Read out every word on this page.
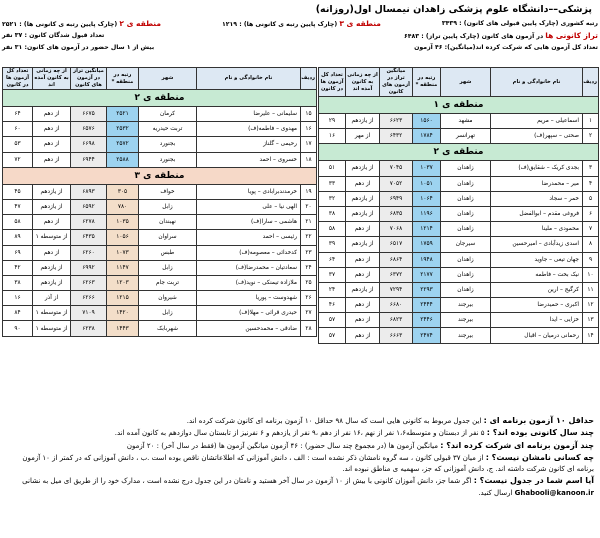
پزشکی––دانشگاه علوم پزشکی زاهدان نیمسال اول(روزانه)
رتبه کشوری (چارک پایین قبولی های کانون) : ۳۴۳۹
منطقه ی ۳ (چارک پایین رتبه ی کانونی ها) : ۱۲۱۹
منطقه ی ۲ (چارک پایین رتبه ی کانونی ها) : ۲۵۲۱
تراز کانونی ها در آزمون های کانون (چارک پایین تراز) : ۶۴۸۳
تعداد قبول شدگان کانون : ۳۷ نفر
تعداد کل آزمون هایی که شرکت کرده اند(میانگین): ۴۶ آزمون
بیش از ۱ سال حضور در آزمون های کانون: ۳۱ نفر
ردیف	نام خانوادگی و نام	شهر	رتبه در منطقه *	میانگین تراز در آزمون های کانون	از چه زمانی به کانون آمده اند	تعداد کل آزمون ها در کانون
منطقه ی ۱						
۱	اسماعیلی – مریم	مشهد	۱۵۶۰	۶۶۲۳	از یازدهم	۲۹
۲	صحتی – سپهر(ف)	تهرانسر	۱۷۸۴	۶۴۳۲	از مهر	۱۶
منطقه ی ۲						
۳	بجدی کریک – شقایق(ف)	زاهدان	۱۰۳۷	۷۰۴۵	از یازدهم	۵۱
۴	میر – محمدرضا	زاهدان	۱۰۵۱	۷۰۵۲	از دهم	۳۳
۵	خمر – سجاد	زاهدان	۱۰۶۴	۶۹۴۹	از یازدهم	۳۲
۶	فروغی مقدم – ابوالفضل	زاهدان	۱۱۹۶	۶۸۳۵	از یازدهم	۳۸
۷	محمودی – ملینا	زاهدان	۱۲۱۴	۷۰۶۸	از دهم	۵۸
۸	اسدی زیدآبادی – امیرحسین	سیرجان	۱۷۵۹	۶۵۱۷	از یازدهم	۳۹
۹	جهان تیغی – جاوید	زاهدان	۱۹۴۸	۶۸۶۴	از دهم	۶۴
۱۰	نیک بخت – فاطمه	زاهدان	۲۱۷۷	۶۳۷۲	از دهم	۳۷
۱۱	کرگیج – ارین	زاهدان	۲۲۹۳	۷۲۹۴	از یازدهم	۲۴
۱۲	اکبری – حمیدرضا	بیرجند	۲۴۴۴	۶۶۸۰	از دهم	۴۶
۱۳	خزایی – ایدا	بیرجند	۲۴۴۶	۶۸۲۳	از دهم	۵۷
۱۴	رحمانی درمیان – اقبال	بیرجند	۲۴۷۴	۶۶۶۳	از دهم	۵۷
ردیف	نام خانوادگی و نام	شهر	رتبه در منطقه *	میانگین تراز در آزمون های کانون	از چه زمانی به کانون آمده اند	تعداد کل آزمون ها در کانون
منطقه ی ۲						
۱۵	سلیمانی – علیرضا	کرمان	۲۵۲۱	۶۶۷۵	از دهم	۶۴
۱۶	مهدوی – فاطمه(ف)	تربت حیدریه	۲۵۳۲	۶۵۷۶	از دهم	۶۰
۱۷	رحیمی – گلناز	بجنورد	۲۵۷۲	۶۶۹۸	از دهم	۵۳
۱۸	خسروی – احمد	بجنورد	۲۵۸۸	۶۹۴۴	از دهم	۷۲
منطقه ی ۳						
۱۹	خرمدندبرابادی – پویا	خواف	۳۰۵	۶۸۹۳	از یازدهم	۴۵
۲۰	الهی نیا – علی	زابل	۷۸۰	۶۵۹۲	از یازدهم	۴۷
۲۱	هاشمی – سارا(ف)	نهبندان	۱۰۳۵	۶۲۷۸	از دهم	۵۸
۲۲	رئیسی – احمد	سراوان	۱۰۵۶	۶۴۳۵	از متوسطه ۱	۸۹
۲۳	کدخدائی – معصومه(ف)	طبس	۱۰۷۳	۶۲۶۰	از دهم	۶۹
۲۴	سعادتیان – محمدرضا(ف)	زابل	۱۱۴۷	۶۹۹۲	از یازدهم	۴۲
۲۵	ملازاده تیمنکی – نوید(ف)	تربت جام	۱۲۰۳	۶۲۶۳	از یازدهم	۳۸
۲۶	شهدوست – پوریا	شیروان	۱۲۱۵	۶۲۶۶	از آذر	۱۶
۲۷	حیدری قرائی – مهلا(ف)	زابل	۱۴۲۰	۷۱۰۹	از متوسطه ۱	۸۴
۲۸	ضادقی – محمدحسین	شهربابک	۱۴۴۳	۶۲۳۸	از متوسطه ۱	۹۰

حداقل ۱۰ آزمون برنامه ای : این جدول مربوط به کانونی هایی است که سال ۹۸ حداقل ۱۰ آزمون برنامه ای کانون شرکت کرده اند.

چند سال کانونی بوده اند؟ : ۵ نفر از دبستان و متوسطه۱،۶ نفر از نهم ،۱۶ نفر از دهم ،۹ نفر از یازدهم و ۶ نفرنیز از تابستان سال دوازدهم به کانون آمده اند.

چند آزمون برنامه ای شرکت کرده اند؟ : میانگین آزمون ها (در مجموع چند سال حضور) : ۴۶ آزمون میانگین آزمون ها (فقط در سال آخر) : ۲۰ آزمون

چه کسانی نامشان نیست؟ : از میان ۳۷ قبولی کانون ، سه گروه نامشان ذکر نشده است : الف ، دانش آموزانی که اطلاعاتشان ناقص بوده است .ب ، دانش آموزانی که در کمتر از ۱۰ آزمون برنامه ای کانون شرکت داشته اند. ج، دانش آموزانی که جز، سهمیه ی مناطق نبوده اند.

آیا اسم شما در جدول نیست؟ : اگر شما جز، دانش آموزان کانونی با بیش از ۱۰ آزمون در سال آخر هستید و نامتان در این جدول درج نشده است ، مدارک خود را از طریق ای میل به نشانی

Ghabooli@kanoon.ir ارسال کنید.
